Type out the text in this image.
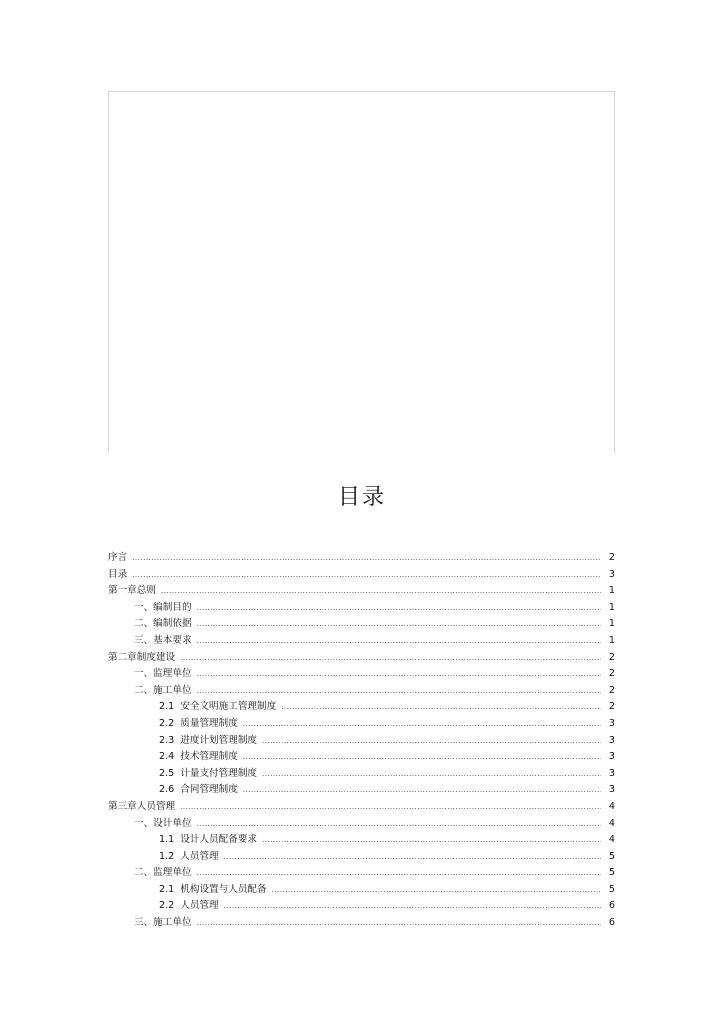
目录
序言 .....	2
目录 .....	3
第一章总则 .....	1
一、编制目的 .....	1
二、编制依据 .....	1
三、基本要求 .....	1
第二章制度建设 .....	2
一、监理单位 .....	2
二、施工单位 .....	2
2.1 安全文明施工管理制度 .....	2
2.2 质量管理制度 .....	3
2.3 进度计划管理制度 .....	3
2.4 技术管理制度 .....	3
2.5 计量支付管理制度 .....	3
2.6 合同管理制度 .....	3
第三章人员管理 .....	4
一、设计单位 .....	4
1.1 设计人员配备要求 .....	4
1.2 人员管理 .....	5
二、监理单位 .....	5
2.1 机构设置与人员配备 .....	5
2.2 人员管理 .....	6
三、施工单位 .....	6
